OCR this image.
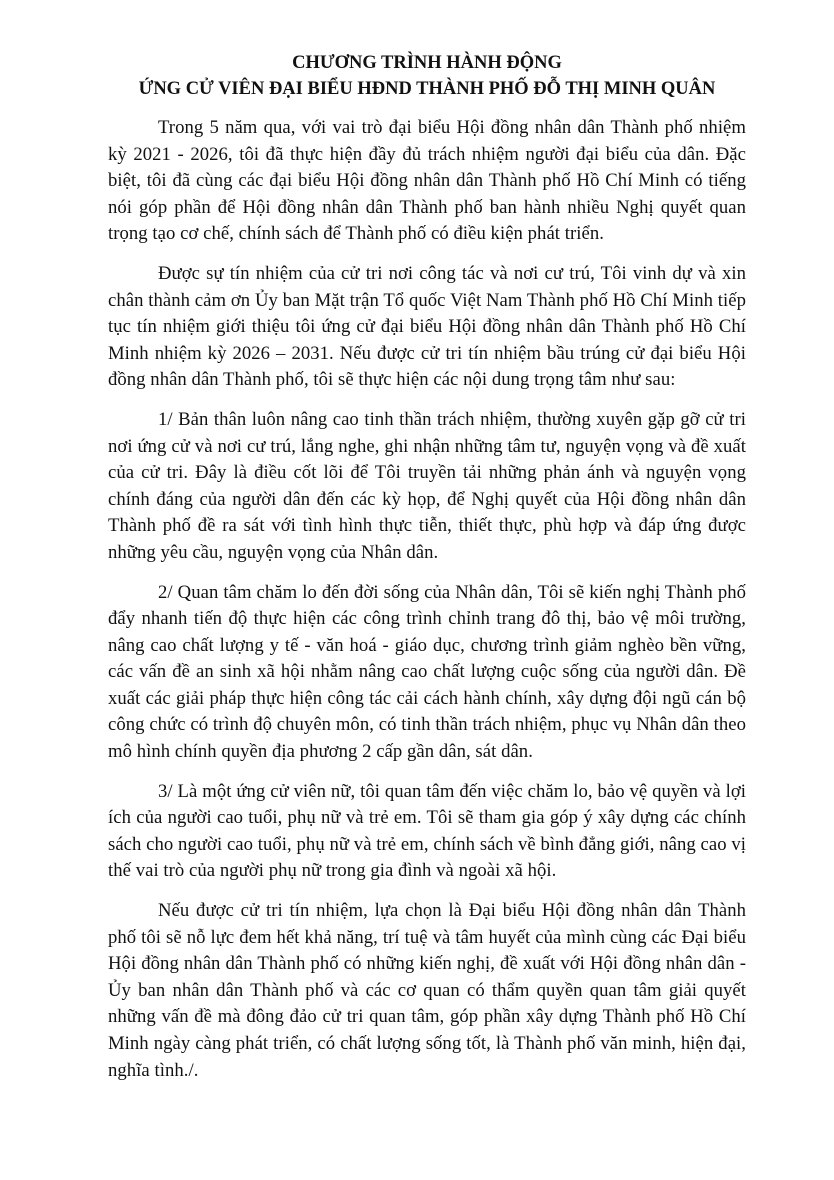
CHƯƠNG TRÌNH HÀNH ĐỘNG
ỨNG CỬ VIÊN ĐẠI BIỂU HĐND THÀNH PHỐ ĐỖ THỊ MINH QUÂN

Trong 5 năm qua, với vai trò đại biểu Hội đồng nhân dân Thành phố nhiệm kỳ 2021 - 2026, tôi đã thực hiện đầy đủ trách nhiệm người đại biểu của dân. Đặc biệt, tôi đã cùng các đại biểu Hội đồng nhân dân Thành phố Hồ Chí Minh có tiếng nói góp phần để Hội đồng nhân dân Thành phố ban hành nhiều Nghị quyết quan trọng tạo cơ chế, chính sách để Thành phố có điều kiện phát triển.

Được sự tín nhiệm của cử tri nơi công tác và nơi cư trú, Tôi vinh dự và xin chân thành cảm ơn Ủy ban Mặt trận Tổ quốc Việt Nam Thành phố Hồ Chí Minh tiếp tục tín nhiệm giới thiệu tôi ứng cử đại biểu Hội đồng nhân dân Thành phố Hồ Chí Minh nhiệm kỳ 2026 – 2031. Nếu được cử tri tín nhiệm bầu trúng cử đại biểu Hội đồng nhân dân Thành phố, tôi sẽ thực hiện các nội dung trọng tâm như sau:

1/ Bản thân luôn nâng cao tinh thần trách nhiệm, thường xuyên gặp gỡ cử tri nơi ứng cử và nơi cư trú, lắng nghe, ghi nhận những tâm tư, nguyện vọng và đề xuất của cử tri. Đây là điều cốt lõi để Tôi truyền tải những phản ánh và nguyện vọng chính đáng của người dân đến các kỳ họp, để Nghị quyết của Hội đồng nhân dân Thành phố đề ra sát với tình hình thực tiễn, thiết thực, phù hợp và đáp ứng được những yêu cầu, nguyện vọng của Nhân dân.

2/ Quan tâm chăm lo đến đời sống của Nhân dân, Tôi sẽ kiến nghị Thành phố đẩy nhanh tiến độ thực hiện các công trình chỉnh trang đô thị, bảo vệ môi trường, nâng cao chất lượng y tế - văn hoá - giáo dục, chương trình giảm nghèo bền vững, các vấn đề an sinh xã hội nhằm nâng cao chất lượng cuộc sống của người dân. Đề xuất các giải pháp thực hiện công tác cải cách hành chính, xây dựng đội ngũ cán bộ công chức có trình độ chuyên môn, có tinh thần trách nhiệm, phục vụ Nhân dân theo mô hình chính quyền địa phương 2 cấp gần dân, sát dân.

3/ Là một ứng cử viên nữ, tôi quan tâm đến việc chăm lo, bảo vệ quyền và lợi ích của người cao tuổi, phụ nữ và trẻ em. Tôi sẽ tham gia góp ý xây dựng các chính sách cho người cao tuổi, phụ nữ và trẻ em, chính sách về bình đẳng giới, nâng cao vị thế vai trò của người phụ nữ trong gia đình và ngoài xã hội.

Nếu được cử tri tín nhiệm, lựa chọn là Đại biểu Hội đồng nhân dân Thành phố tôi sẽ nỗ lực đem hết khả năng, trí tuệ và tâm huyết của mình cùng các Đại biểu Hội đồng nhân dân Thành phố có những kiến nghị, đề xuất với Hội đồng nhân dân - Ủy ban nhân dân Thành phố và các cơ quan có thẩm quyền quan tâm giải quyết những vấn đề mà đông đảo cử tri quan tâm, góp phần xây dựng Thành phố Hồ Chí Minh ngày càng phát triển, có chất lượng sống tốt, là Thành phố văn minh, hiện đại, nghĩa tình./.
